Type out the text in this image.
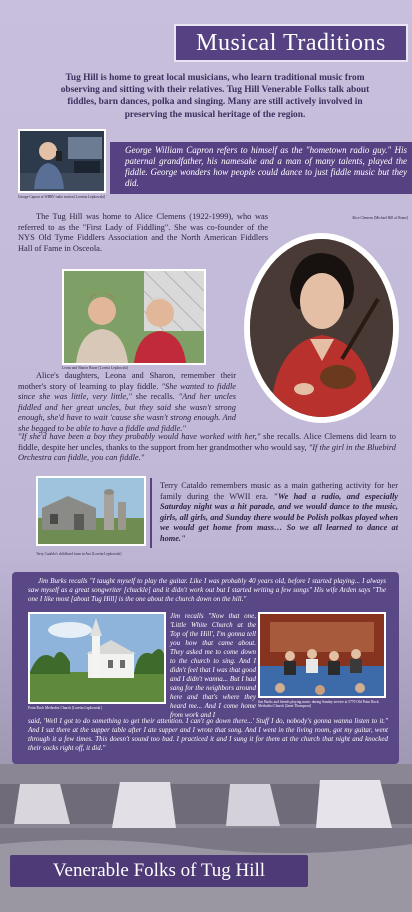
Musical Traditions
Tug Hill is home to great local musicians, who learn traditional music from observing and sitting with their relatives. Tug Hill Venerable Folks talk about fiddles, barn dances, polka and singing. Many are still actively involved in preserving the musical heritage of the region.
George Capron at WBRV radio station [Lorretta Lepkowski]
George William Capron refers to himself as the "hometown radio guy." His paternal grandfather, his namesake and a man of many talents, played the fiddle. George wonders how people could dance to just fiddle music but they did.
The Tug Hill was home to Alice Clemens (1922-1999), who was referred to as the "First Lady of Fiddling". She was co-founder of the NYS Old Tyme Fiddlers Association and the North American Fiddlers Hall of Fame in Osceola.
Alice Clemens [Michael Hill of Rome]
Leona and Sharon Bauer [Loretta Lepkowski]
Alice's daughters, Leona and Sharon, remember their mother's story of learning to play fiddle. "She wanted to fiddle since she was little, very little," she recalls. "And her uncles fiddled and her great uncles, but they said she wasn't strong enough, she'd have to wait 'cause she wasn't strong enough. And she begged to be able to have a fiddle and fiddle."
"If she'd have been a boy they probably would have worked with her," she recalls. Alice Clemens did learn to fiddle, despite her uncles, thanks to the support from her grandmother who would say, "If the girl in the Bluebird Orchestra can fiddle, you can fiddle."
Terry Cataldo's childhood farm in Ava [Loretta Lepkowski]
Terry Cataldo remembers music as a main gathering activity for her family during the WWII era. "We had a radio, and especially Saturday night was a hit parade, and we would dance to the music, girls, all girls, and Sunday there would be Polish polkas played when we would get home from mass… So we all learned to dance at home."
Jim Burks recalls "I taught myself to play the guitar. Like I was probably 40 years old, before I started playing... I always saw myself as a great songwriter [chuckle] and it didn't work out but I started writing a few songs" His wife Arden says "The one I like most [about Tug Hill] is the one about the church down on the hill."
Point Rock Methodist Church [Loretta Lepkowski]
Jim recalls "Now that one, 'Little White Church at the Top of the Hill', I'm gonna tell you how that came about. They asked me to come down to the church to sing. And I didn't feel that I was that good and I didn't wanna... But I had sang for the neighbors around here and that's where they heard me... And I come home from work and I
Jim Burks and friends playing music during Sunday service at 5770 Old Point Rock Methodist Church [Janet Thompson]
said, 'Well I got to do something to get their attention. I can't go down there...' Stuff I do, nobody's gonna wanna listen to it." And I sat there at the supper table after I ate supper and I wrote that song. And I went in the living room, got my guitar, went through it a few times. This doesn't sound too bad. I practiced it and I sung it for them at the church that night and knocked their socks right off, it did."
Venerable Folks of Tug Hill
